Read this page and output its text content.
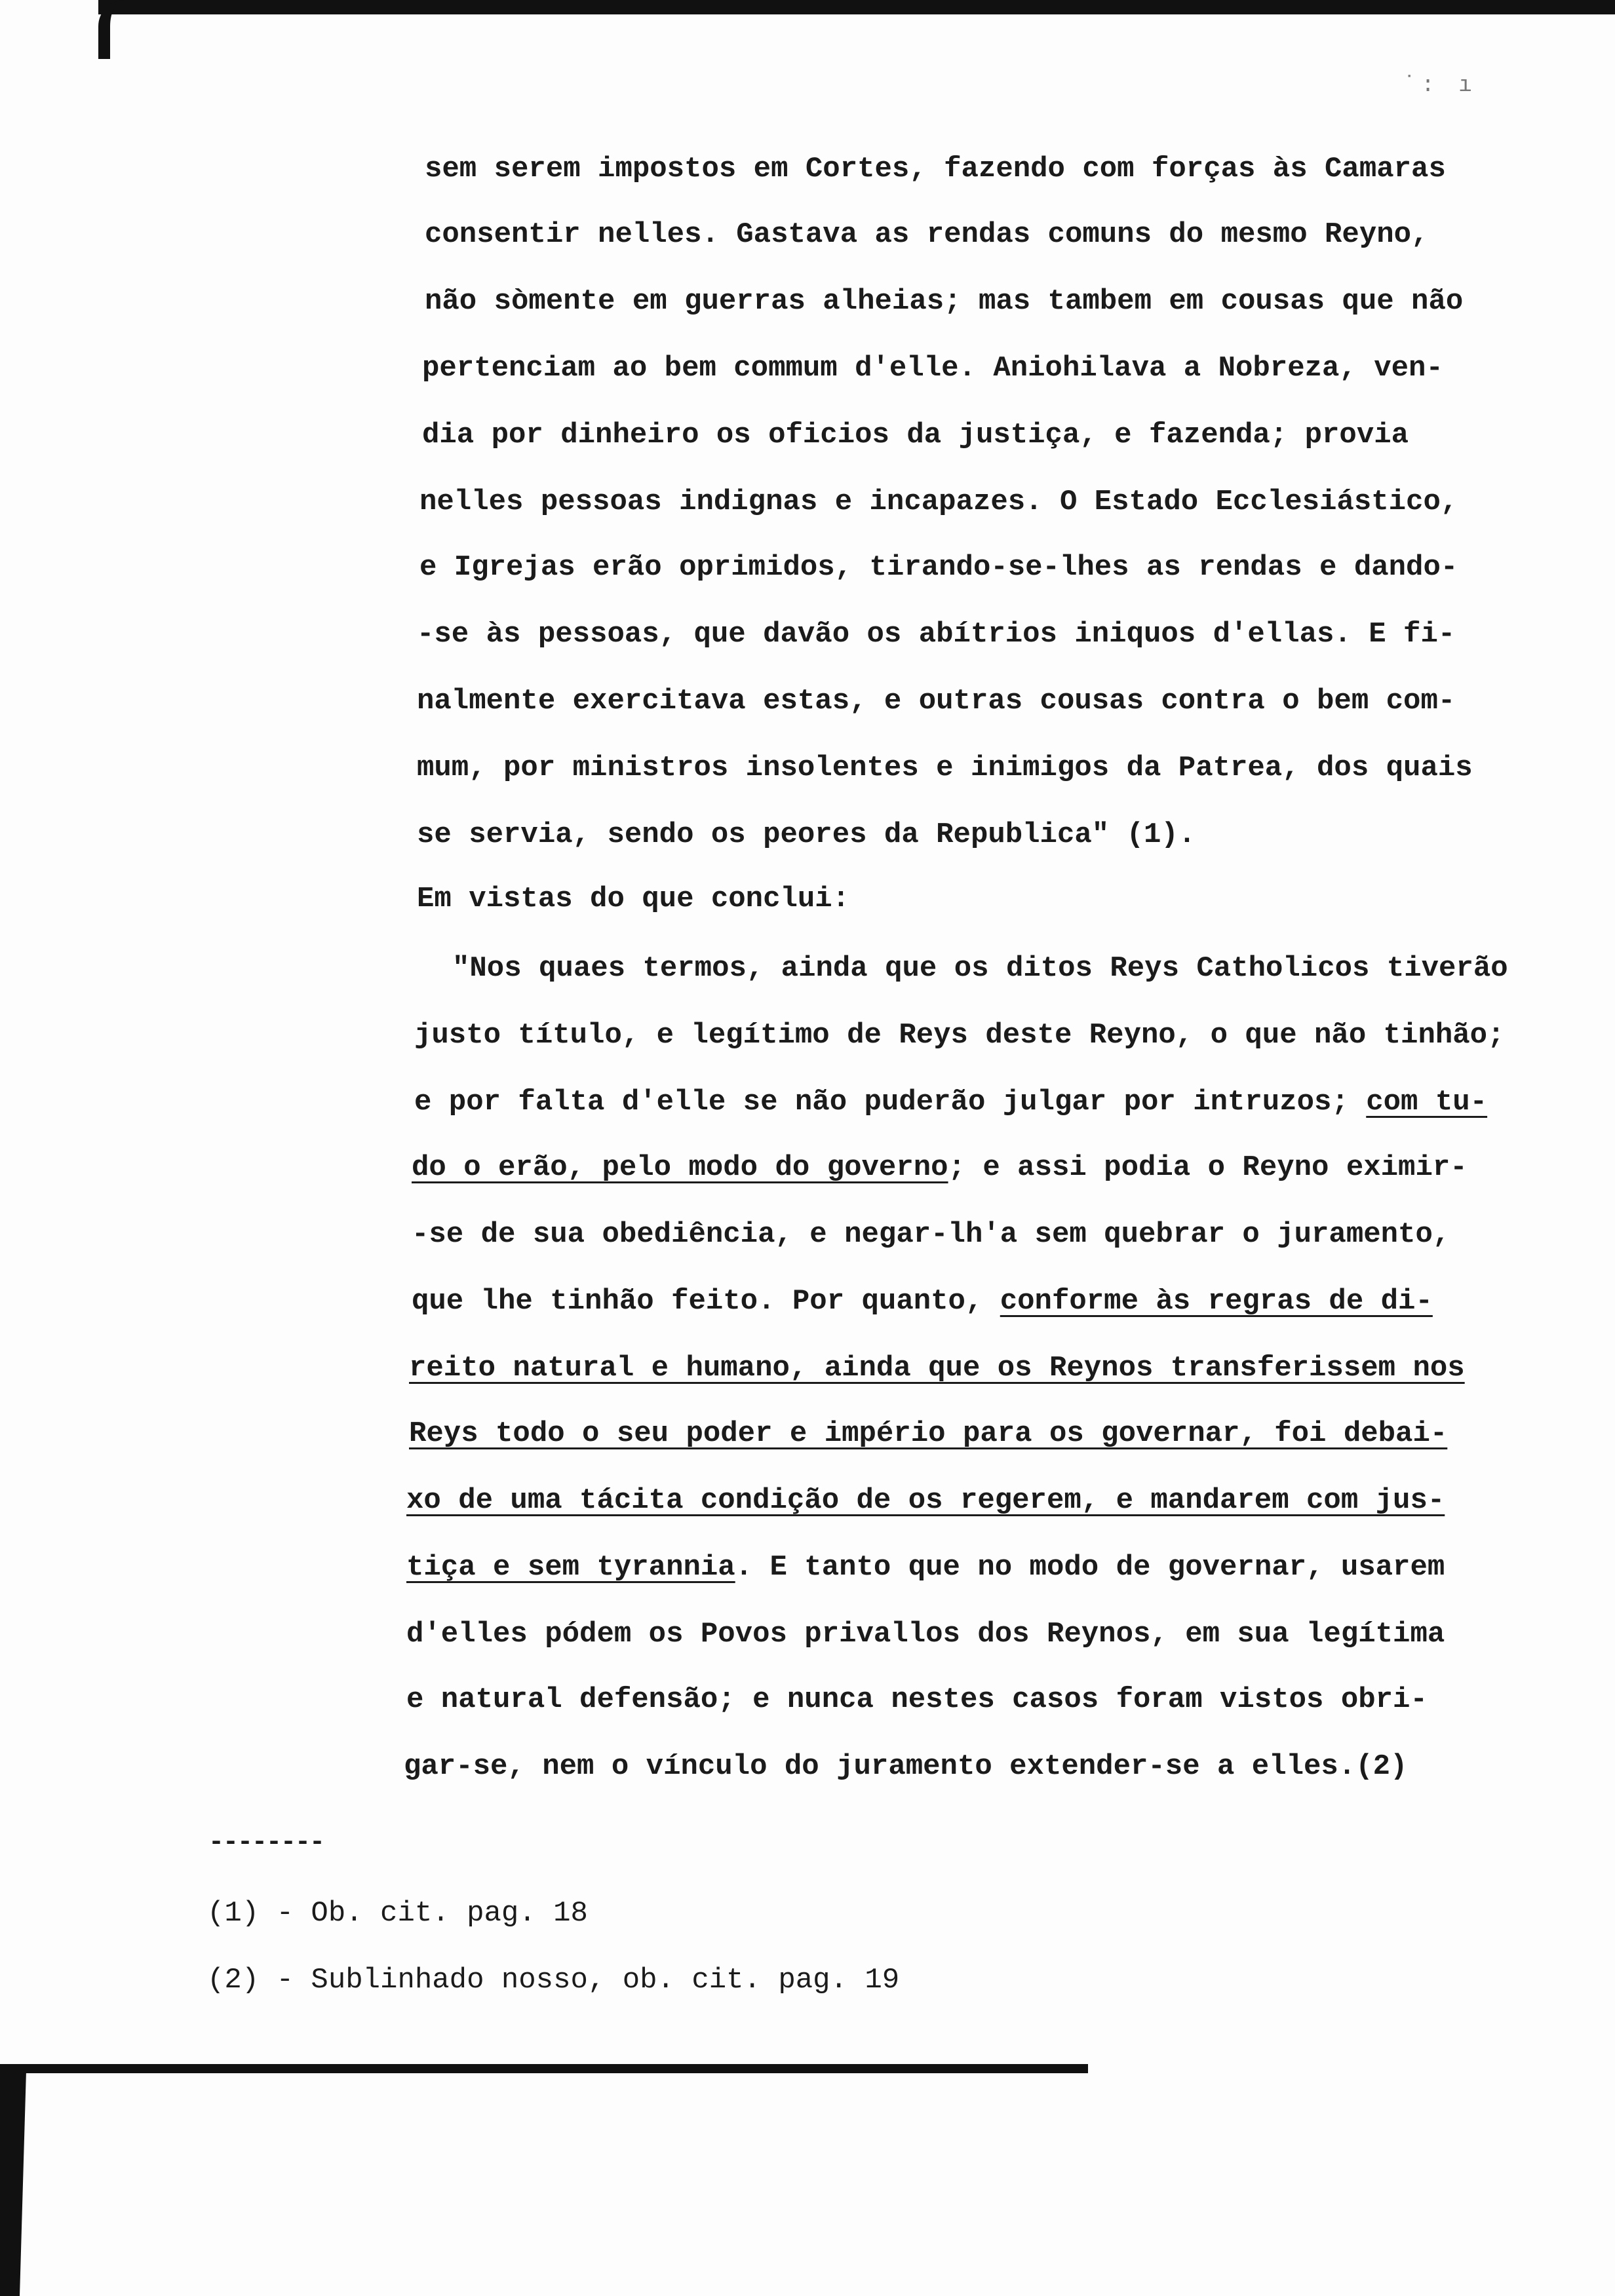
˙: ı
sem serem impostos em Cortes, fazendo com forças às Camaras
consentir nelles. Gastava as rendas comuns do mesmo Reyno,
não sòmente em guerras alheias; mas tambem em cousas que não
pertenciam ao bem commum d'elle. Aniohilava a Nobreza, ven-
dia por dinheiro os oficios da justiça, e fazenda; provia
nelles pessoas indignas e incapazes. O Estado Ecclesiástico,
e Igrejas erão oprimidos, tirando-se-lhes as rendas e dando-
-se às pessoas, que davão os abítrios iniquos d'ellas. E fi-
nalmente exercitava estas, e outras cousas contra o bem com-
mum, por ministros insolentes e inimigos da Patrea, dos quais
se servia, sendo os peores da Republica" (1).
Em vistas do que conclui:
"Nos quaes termos, ainda que os ditos Reys Catholicos tiverão
justo título, e legítimo de Reys deste Reyno, o que não tinhão;
e por falta d'elle se não puderão julgar por intruzos; com tu-
do o erão, pelo modo do governo; e assi podia o Reyno eximir-
-se de sua obediência, e negar-lh'a sem quebrar o juramento,
que lhe tinhão feito. Por quanto, conforme às regras de di-
reito natural e humano, ainda que os Reynos transferissem nos
Reys todo o seu poder e império para os governar, foi debai-
xo de uma tácita condição de os regerem, e mandarem com jus-
tiça e sem tyrannia. E tanto que no modo de governar, usarem
d'elles pódem os Povos privallos dos Reynos, em sua legítima
e natural defensão; e nunca nestes casos foram vistos obri-
gar-se, nem o vínculo do juramento extender-se a elles.(2)
--------
(1) - Ob. cit. pag. 18
(2) - Sublinhado nosso, ob. cit. pag. 19
